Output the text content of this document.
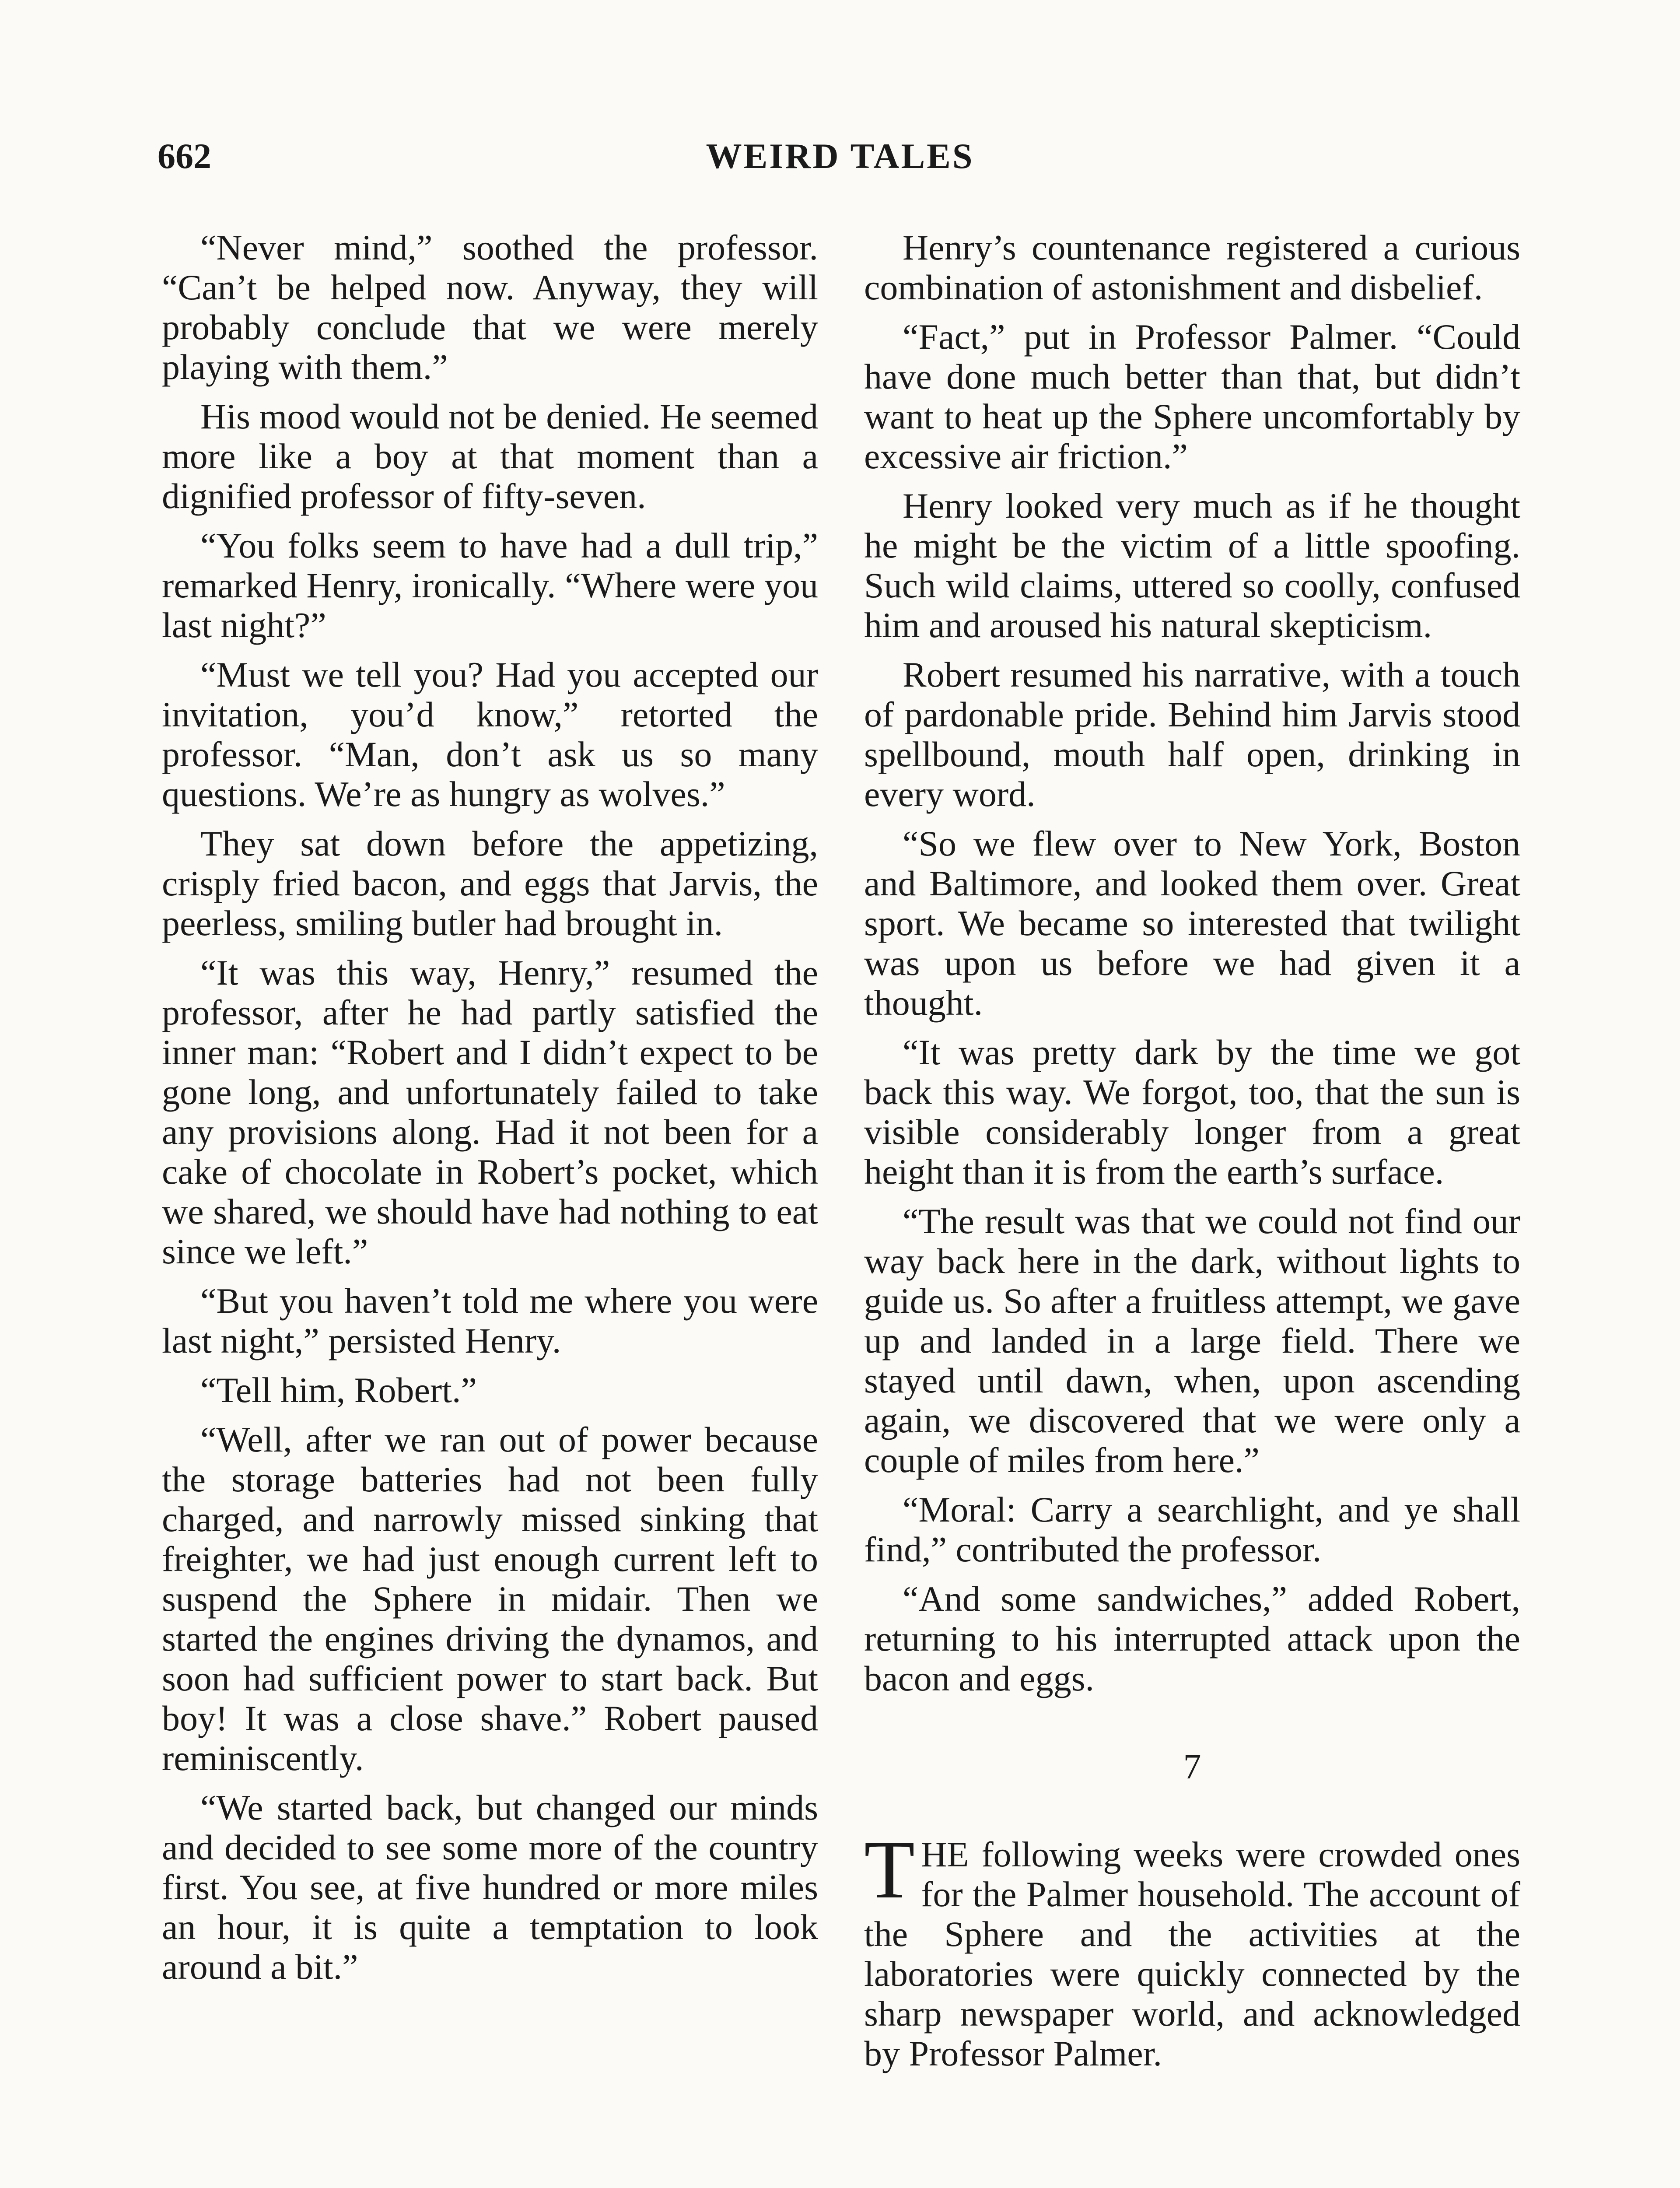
662	WEIRD TALES

“Never mind,” soothed the professor. “Can’t be helped now. Anyway, they will probably conclude that we were merely playing with them.”

His mood would not be denied. He seemed more like a boy at that moment than a dignified professor of fifty-seven.

“You folks seem to have had a dull trip,” remarked Henry, ironically. “Where were you last night?”

“Must we tell you? Had you accepted our invitation, you’d know,” retorted the professor. “Man, don’t ask us so many questions. We’re as hungry as wolves.”

They sat down before the appetizing, crisply fried bacon, and eggs that Jarvis, the peerless, smiling butler had brought in.

“It was this way, Henry,” resumed the professor, after he had partly satisfied the inner man: “Robert and I didn’t expect to be gone long, and unfortunately failed to take any provisions along. Had it not been for a cake of chocolate in Robert’s pocket, which we shared, we should have had nothing to eat since we left.”

“But you haven’t told me where you were last night,” persisted Henry.

“Tell him, Robert.”

“Well, after we ran out of power because the storage batteries had not been fully charged, and narrowly missed sinking that freighter, we had just enough current left to suspend the Sphere in midair. Then we started the engines driving the dynamos, and soon had sufficient power to start back. But boy! It was a close shave.” Robert paused reminiscently.

“We started back, but changed our minds and decided to see some more of the country first. You see, at five hundred or more miles an hour, it is quite a temptation to look around a bit.”

Henry’s countenance registered a curious combination of astonishment and disbelief.

“Fact,” put in Professor Palmer. “Could have done much better than that, but didn’t want to heat up the Sphere uncomfortably by excessive air friction.”

Henry looked very much as if he thought he might be the victim of a little spoofing. Such wild claims, uttered so coolly, confused him and aroused his natural skepticism.

Robert resumed his narrative, with a touch of pardonable pride. Behind him Jarvis stood spellbound, mouth half open, drinking in every word.

“So we flew over to New York, Boston and Baltimore, and looked them over. Great sport. We became so interested that twilight was upon us before we had given it a thought.

“It was pretty dark by the time we got back this way. We forgot, too, that the sun is visible considerably longer from a great height than it is from the earth’s surface.

“The result was that we could not find our way back here in the dark, without lights to guide us. So after a fruitless attempt, we gave up and landed in a large field. There we stayed until dawn, when, upon ascending again, we discovered that we were only a couple of miles from here.”

“Moral: Carry a searchlight, and ye shall find,” contributed the professor.

“And some sandwiches,” added Robert, returning to his interrupted attack upon the bacon and eggs.

7

THE following weeks were crowded ones for the Palmer household. The account of the Sphere and the activities at the laboratories were quickly connected by the sharp newspaper world, and acknowledged by Professor Palmer.
